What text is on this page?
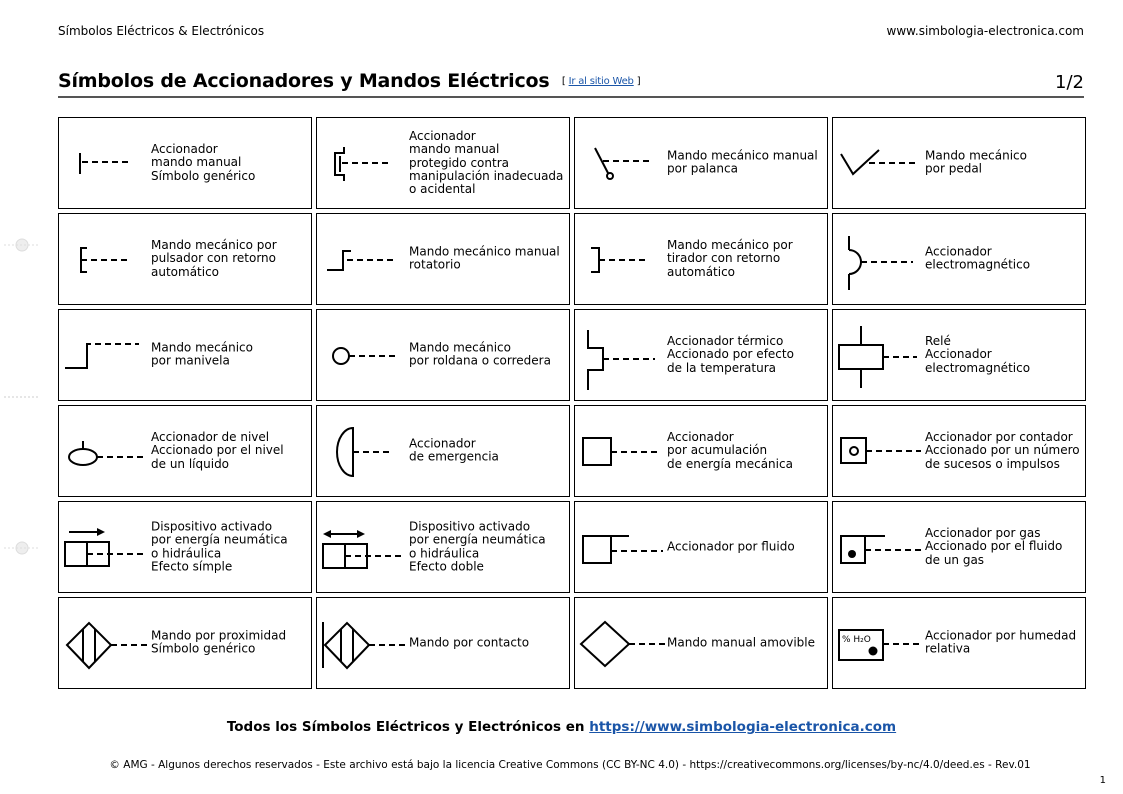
Símbolos Eléctricos & Electrónicos	www.simbologia-electronica.com
Símbolos de Accionadores y Mandos Eléctricos [ Ir al sitio Web ]	1/2
Accionador
mando manual
Símbolo genérico
Accionador
mando manual
protegido contra
manipulación inadecuada
o acidental
Mando mecánico manual
por palanca
Mando mecánico
por pedal
Mando mecánico por
pulsador con retorno
automático
Mando mecánico manual
rotatorio
Mando mecánico por
tirador con retorno
automático
Accionador
electromagnético
Mando mecánico
por manivela
Mando mecánico
por roldana o corredera
Accionador térmico
Accionado por efecto
de la temperatura
Relé
Accionador
electromagnético
Accionador de nivel
Accionado por el nivel
de un líquido
Accionador
de emergencia
Accionador
por acumulación
de energía mecánica
Accionador por contador
Accionado por un número
de sucesos o impulsos
Dispositivo activado
por energía neumática
o hidráulica
Efecto símple
Dispositivo activado
por energía neumática
o hidráulica
Efecto doble
Accionador por fluido
Accionador por gas
Accionado por el fluido
de un gas
Mando por proximidad
Símbolo genérico	Mando por contacto	Mando manual amovible	% H₂O	Accionador por humedad
relativa
Todos los Símbolos Eléctricos y Electrónicos en https://www.simbologia-electronica.com
© AMG - Algunos derechos reservados - Este archivo está bajo la licencia Creative Commons (CC BY-NC 4.0) - https://creativecommons.org/licenses/by-nc/4.0/deed.es - Rev.01
1
